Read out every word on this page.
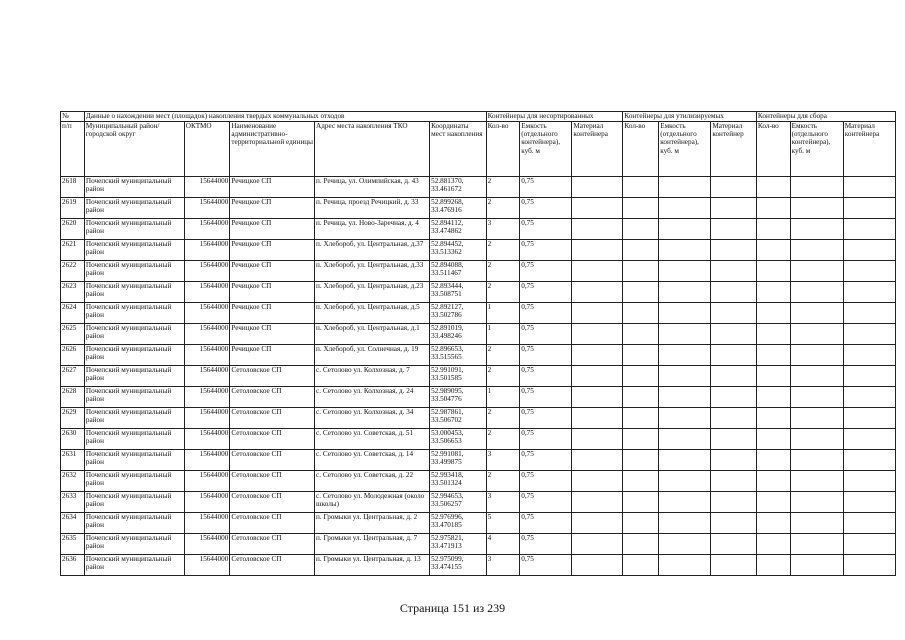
№	Данные о нахождении мест (площадок) накопления твердых коммунальных отходов					Контейнеры для несортированных			Контейнеры для утилизируемых			Контейнеры для сбора		
п/п	Муниципальный район/городской округ	ОКТМО	Наименование административно-территориальной единицы	Адрес места накопления ТКО	Координаты мест накопления	Кол-во	Емкость (отдельного контейнера), куб. м	Материал контейнера	Кол-во	Емкость (отдельного контейнера), куб. м	Материал контейнер	Кол-во	Емкость (отдельного контейнера), куб. м	Материал контейнера
2618	Почепский муниципальный район	15644000	Речицкое СП	п. Речица, ул. Олимпийская, д. 43	52.881370, 33.461672	2	0,75							
2619	Почепский муниципальный район	15644000	Речицкое СП	п. Речица, проезд Речицкий, д. 33	52.899268, 33.476916	2	0,75							
2620	Почепский муниципальный район	15644000	Речицкое СП	п. Речица, ул. Ново-Заречная, д. 4	52.894112, 33.474862	3	0,75							
2621	Почепский муниципальный район	15644000	Речицкое СП	п. Хлебороб, ул. Центральная, д.37	52.894452, 33.513362	2	0,75							
2622	Почепский муниципальный район	15644000	Речицкое СП	п. Хлебороб, ул. Центральная, д.33	52.894088, 33.511467	2	0,75							
2623	Почепский муниципальный район	15644000	Речицкое СП	п. Хлебороб, ул. Центральная, д.23	52.893444, 33.508751	2	0,75							
2624	Почепский муниципальный район	15644000	Речицкое СП	п. Хлебороб, ул. Центральная, д.5	52.892127, 33.502786	1	0,75							
2625	Почепский муниципальный район	15644000	Речицкое СП	п. Хлебороб, ул. Центральная, д.1	52.891019, 33.498246	1	0,75							
2626	Почепский муниципальный район	15644000	Речицкое СП	п. Хлебороб, ул. Солнечная, д. 19	52.896653, 33.515565	2	0,75							
2627	Почепский муниципальный район	15644000	Сетоловское СП	с. Сетолово ул. Колхозная, д. 7	52.991091, 33.501585	2	0,75							
2628	Почепский муниципальный район	15644000	Сетоловское СП	с. Сетолово ул. Колхозная, д. 24	52.989095, 33.504776	1	0,75							
2629	Почепский муниципальный район	15644000	Сетоловское СП	с. Сетолово ул. Колхозная, д. 34	52.987861, 33.506702	2	0,75							
2630	Почепский муниципальный район	15644000	Сетоловское СП	с. Сетолово ул. Советская, д. 51	53.000453, 33.506653	2	0,75							
2631	Почепский муниципальный район	15644000	Сетоловское СП	с. Сетолово ул. Советская, д. 14	52.991081, 33.499875	3	0,75							
2632	Почепский муниципальный район	15644000	Сетоловское СП	с. Сетолово ул. Советская, д. 22	52.993418, 33.501324	2	0,75							
2633	Почепский муниципальный район	15644000	Сетоловское СП	с. Сетолово ул. Молодежная (около школы)	52.994653, 33.506257	3	0,75							
2634	Почепский муниципальный район	15644000	Сетоловское СП	п. Громыки ул. Центральная, д. 2	52.976996, 33.470185	5	0,75							
2635	Почепский муниципальный район	15644000	Сетоловское СП	п. Громыки ул. Центральная, д. 7	52.975821, 33.471913	4	0,75							
2636	Почепский муниципальный район	15644000	Сетоловское СП	п. Громыки ул. Центральная, д. 13	52.975099, 33.474155	3	0,75							
Страница 151 из 239
